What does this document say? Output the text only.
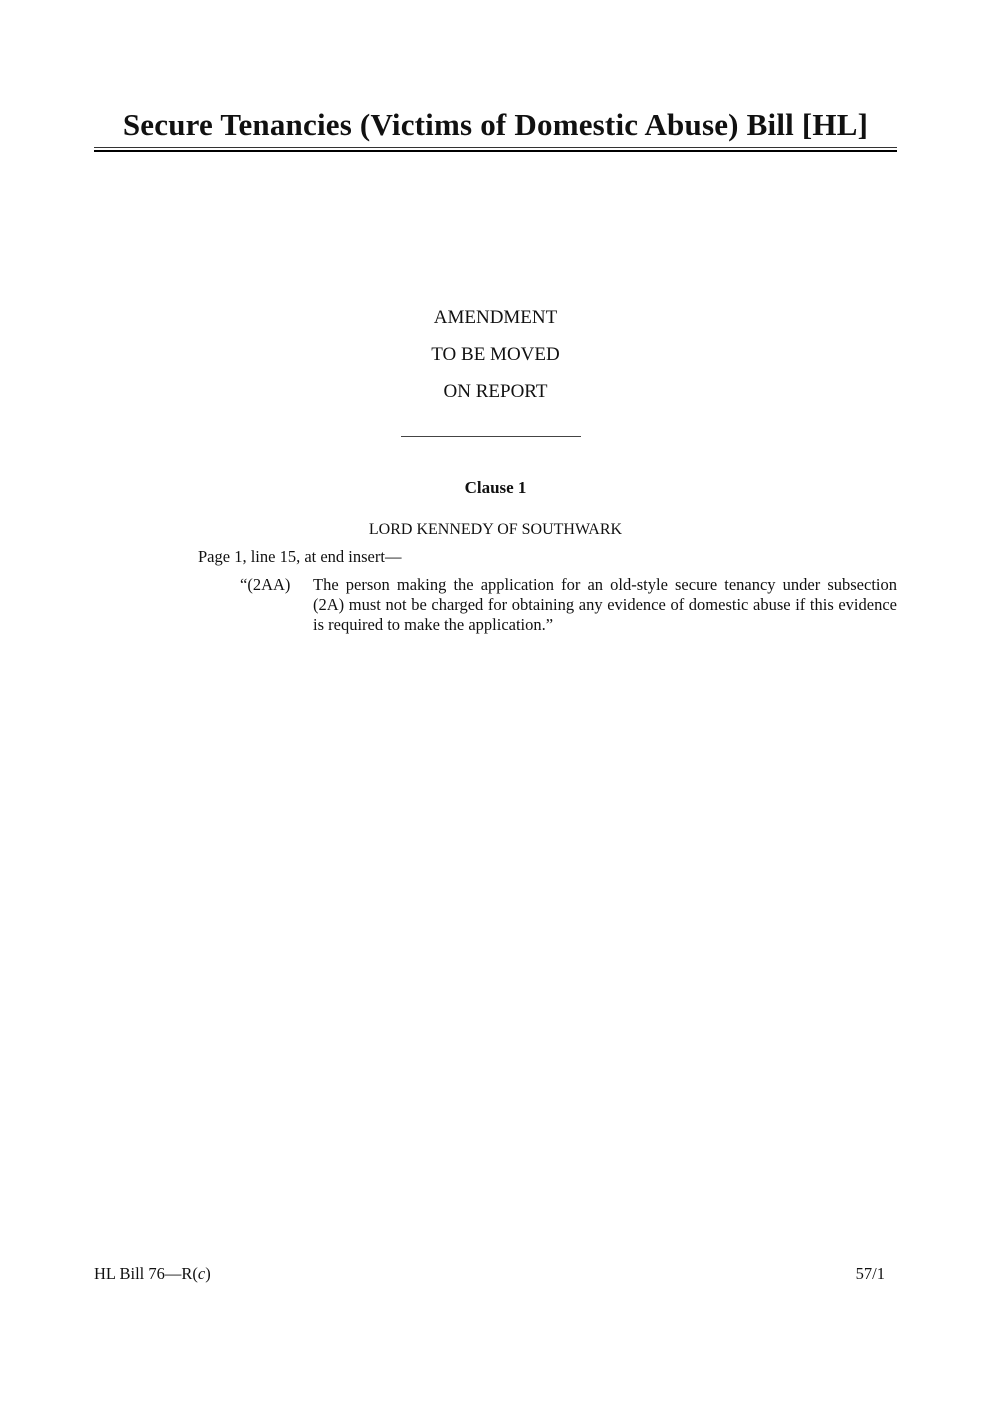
Secure Tenancies (Victims of Domestic Abuse) Bill [HL]
AMENDMENT
TO BE MOVED
ON REPORT
Clause 1
LORD KENNEDY OF SOUTHWARK
Page 1, line 15, at end insert—
“(2AA) The person making the application for an old-style secure tenancy under subsection (2A) must not be charged for obtaining any evidence of domestic abuse if this evidence is required to make the application.”

HL Bill 76—R(c)	57/1
